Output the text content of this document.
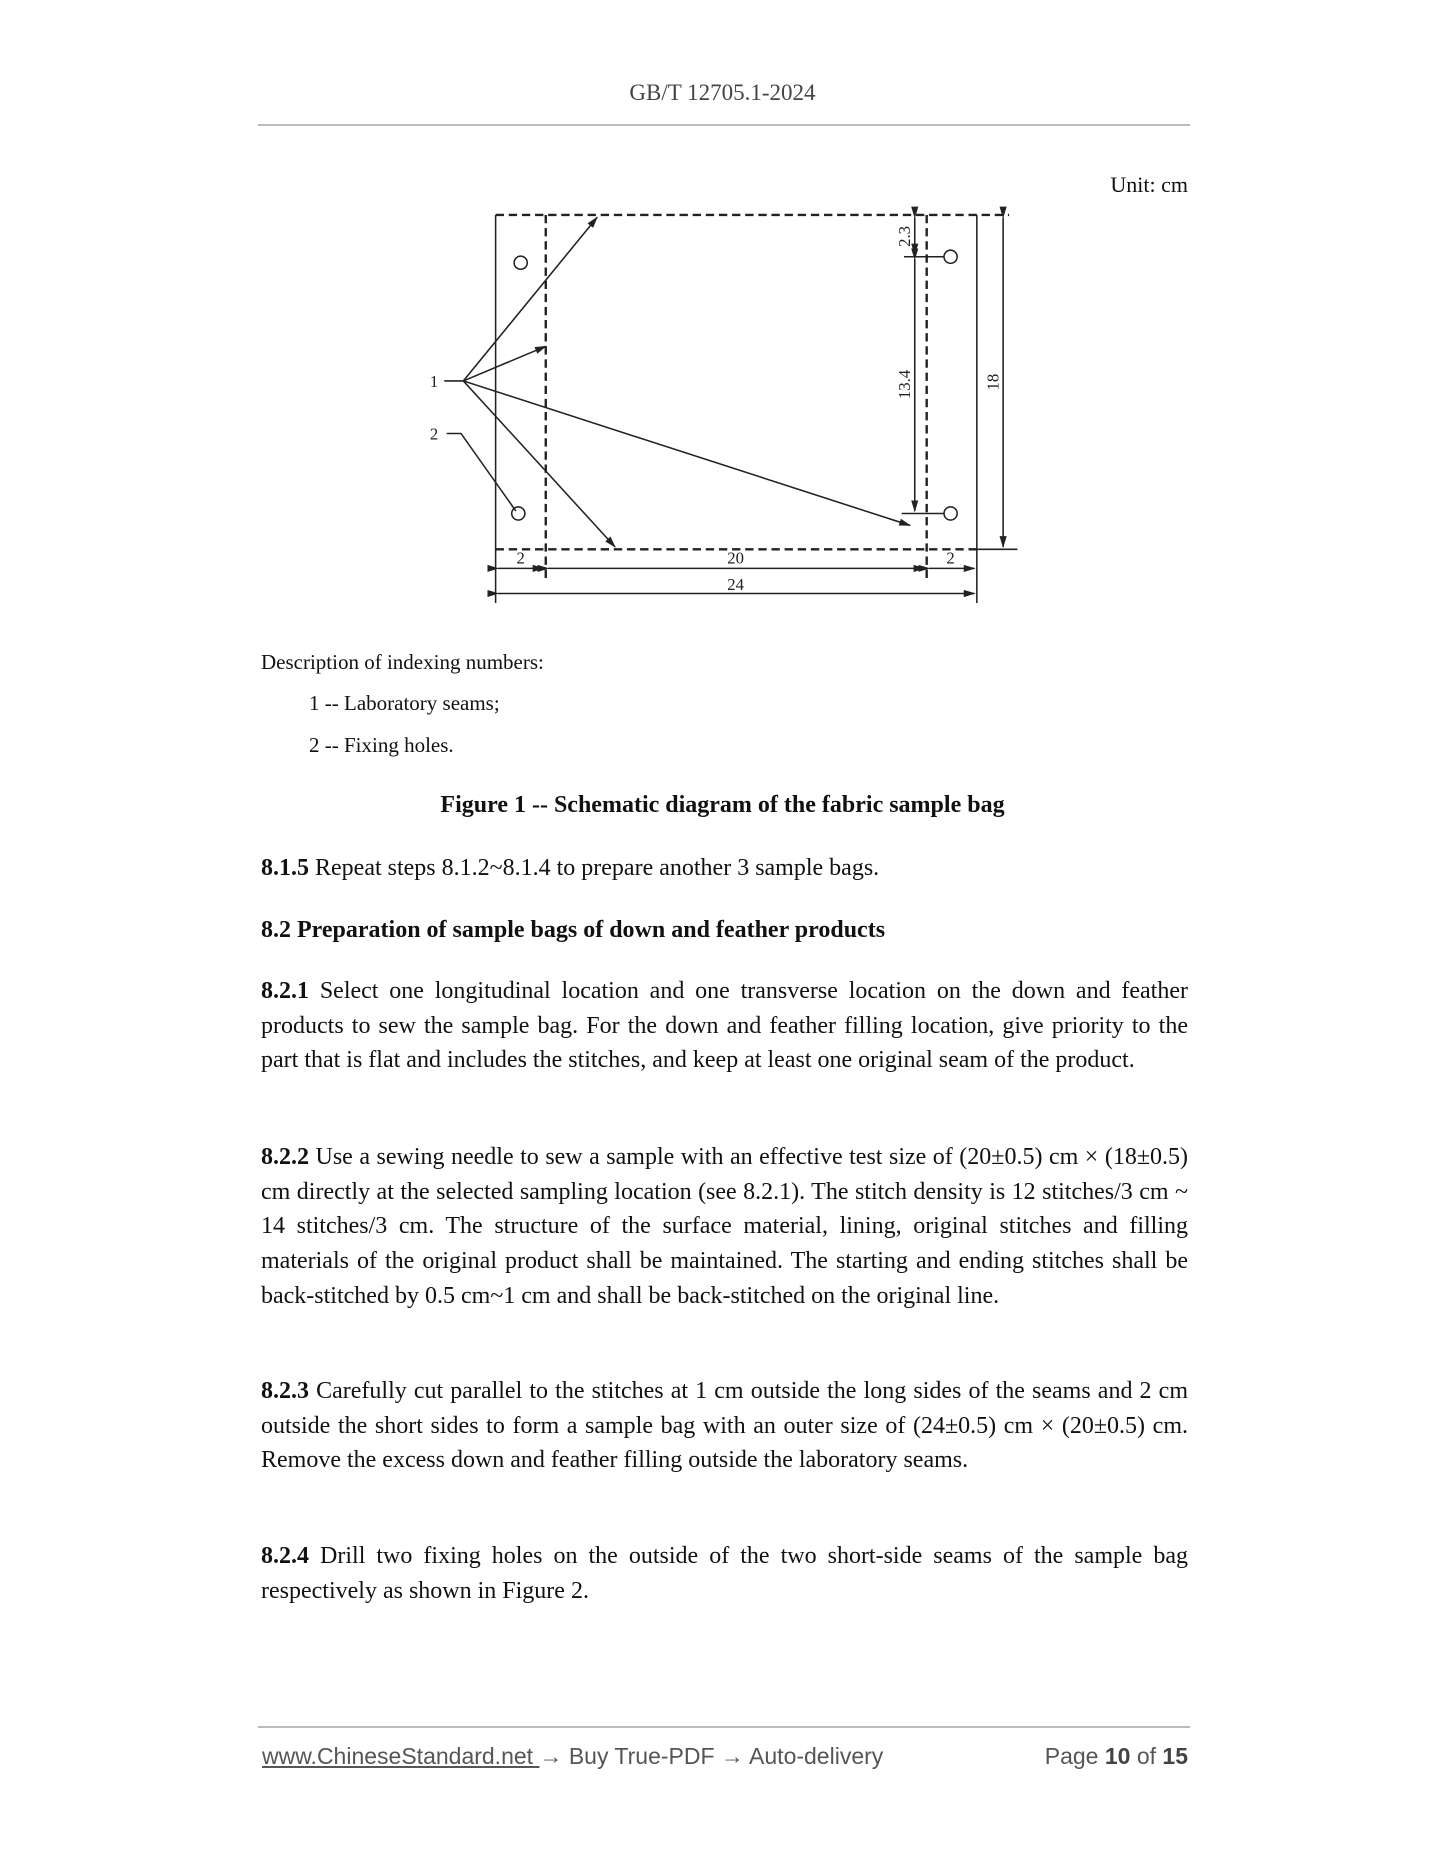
GB/T 12705.1-2024
Unit: cm
1
2
2	20	2
24
2.3
13.4	18
Description of indexing numbers:
1 -- Laboratory seams;
2 -- Fixing holes.
Figure 1 -- Schematic diagram of the fabric sample bag
8.1.5 Repeat steps 8.1.2~8.1.4 to prepare another 3 sample bags.
8.2 Preparation of sample bags of down and feather products
8.2.1 Select one longitudinal location and one transverse location on the down and feather products to sew the sample bag. For the down and feather filling location, give priority to the part that is flat and includes the stitches, and keep at least one original seam of the product.
8.2.2 Use a sewing needle to sew a sample with an effective test size of (20±0.5) cm × (18±0.5) cm directly at the selected sampling location (see 8.2.1). The stitch density is 12 stitches/3 cm ~ 14 stitches/3 cm. The structure of the surface material, lining, original stitches and filling materials of the original product shall be maintained. The starting and ending stitches shall be back-stitched by 0.5 cm~1 cm and shall be back-stitched on the original line.
8.2.3 Carefully cut parallel to the stitches at 1 cm outside the long sides of the seams and 2 cm outside the short sides to form a sample bag with an outer size of (24±0.5) cm × (20±0.5) cm. Remove the excess down and feather filling outside the laboratory seams.
8.2.4 Drill two fixing holes on the outside of the two short-side seams of the sample bag respectively as shown in Figure 2.
www.ChineseStandard.net → Buy True-PDF → Auto-delivery	Page 10 of 15
